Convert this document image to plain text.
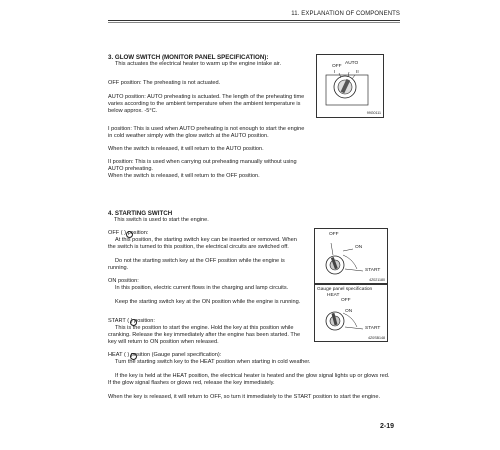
11. EXPLANATION OF COMPONENTS
3. GLOW SWITCH (MONITOR PANEL SPECIFICATION):
This actuates the electrical heater to warm up the engine intake air.
OFF position: The preheating is not actuated.
AUTO position: AUTO preheating is actuated. The length of the preheating time varies according to the ambient temperature when the ambient temperature is below approx. -5°C.
I position: This is used when AUTO preheating is not enough to start the engine in cold weather simply with the glow switch at the AUTO position.
When the switch is released, it will return to the AUTO position.
II position: This is used when carrying out preheating manually without using AUTO preheating.
When the switch is released, it will return to the OFF position.
OFF
AUTO
I	II
99G0111
4. STARTING SWITCH
This switch is used to start the engine.
OFF ( ) position:
At this position, the starting switch key can be inserted or removed. When the switch is turned to this position, the electrical circuits are switched off.
Do not the starting switch key at the OFF position while the engine is running.
ON position:
In this position, electric current flows in the charging and lamp circuits.
Keep the starting switch key at the ON position while the engine is running.
START ( ) position:
This is the position to start the engine. Hold the key at this position while cranking. Release the key immediately after the engine has been started. The key will return to ON position when released.
HEAT ( ) position (Gauge panel specification):
Turn the starting switch key to the HEAT position when starting in cold weather.
If the key is held at the HEAT position, the electrical heater is heated and the glow signal lights up or glows red. If the glow signal flashes or glows red, release the key immediately.
When the key is released, it will return to OFF, so turn it immediately to the START position to start the engine.
OFF
ON
START
4Z021180
Gauge panel specification
HEAT
OFF
ON
START
4Z0SB148
2-19
